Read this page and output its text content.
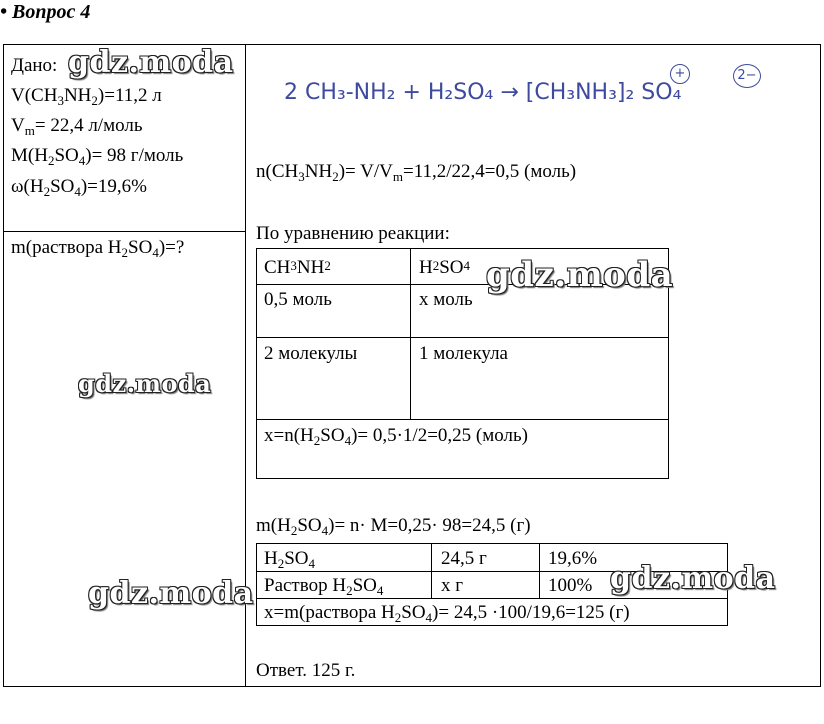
• Вопрос 4
Дано:
$V(CH_3NH_2)=11,2$ л
$V_m= 22,4$ л/моль
$M(H_2SO_4)= 98$ г/моль
$\omega(H_2SO_4)=19,6\%$
m(раствора $H_2SO_4)=$?
2 CH₃-NH₂ + H₂SO₄ → [CH₃NH₃]₂ SO₄
+	2−
$n(CH_3NH_2)= V/V_m=11,2/22,4=0,5$ (моль)
По уравнению реакции:
CH3NH2	H2SO4
0,5 моль	x моль
2 молекулы	1 молекула
$x=n(H_2SO_4)= 0,5\cdot 1/2=0,25$ (моль)
$m(H_2SO_4)= n\cdot M=0,25\cdot 98=24,5$ (г)
$H_2SO_4$	24,5 г	19,6%
Раствор $H_2SO_4$	x г	100%
x=m(раствора $H_2SO_4)= 24,5 \cdot 100/19,6=125$ (г)
Ответ. 125 г.
gdz.moda
gdz.moda
gdz.moda
gdz.moda	gdz.moda
